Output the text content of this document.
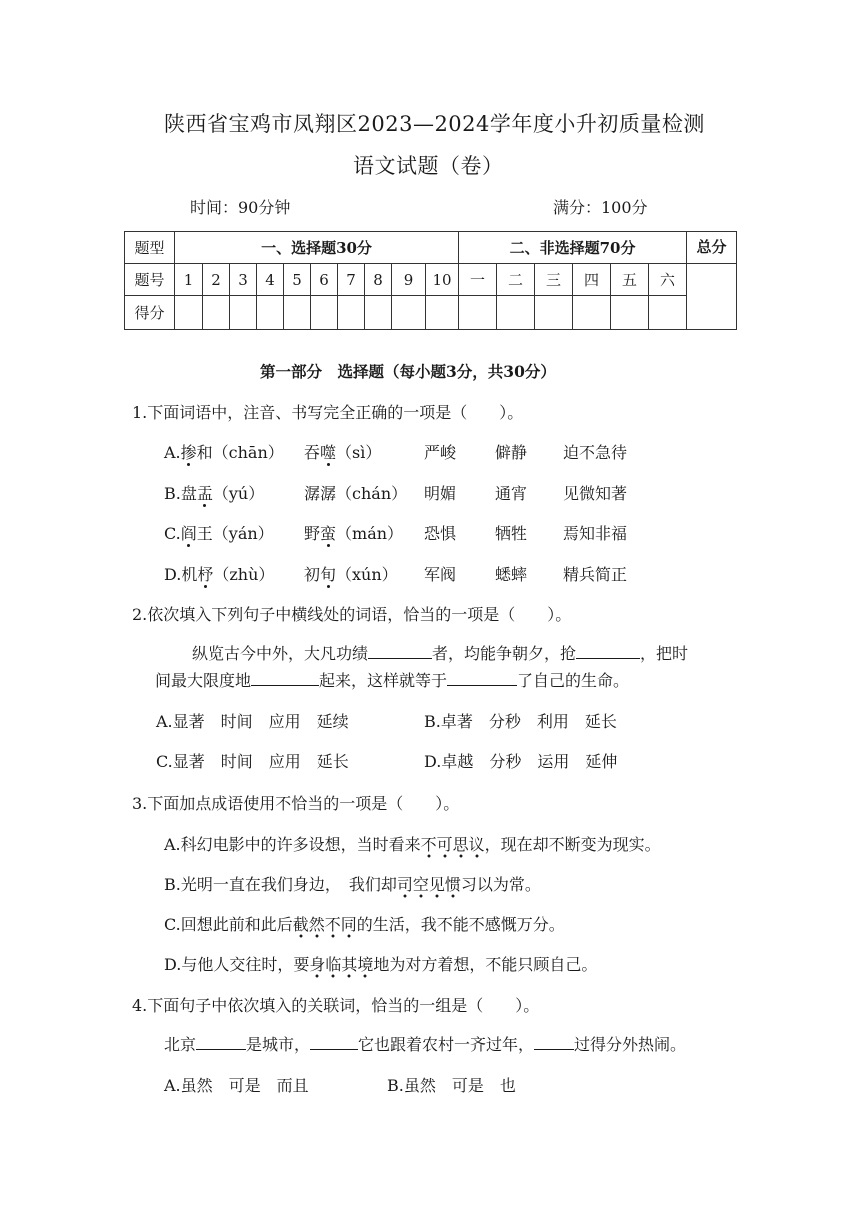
陕西省宝鸡市凤翔区2023—2024学年度小升初质量检测
语文试题（卷）
时间：90分钟	满分：100分
题型	一、选择题30分										二、非选择题70分						总分
题号	1	2	3	4	5	6	7	8	9	10	一	二	三	四	五	六	
得分																	
第一部分　选择题（每小题3分，共30分）
1.下面词语中，注音、书写完全正确的一项是（　　）。
A.掺和（chān） 吞噬（sì）	严峻 僻静 迫不急待
B.盘盂（yú） 潺潺（chán） 明媚 通宵 见微知著
C.阎王（yán） 野蛮（mán） 恐惧 牺牲 焉知非福
D.机杼（zhù） 初旬（xún） 军阀 蟋蟀 精兵简正
2.依次填入下列句子中横线处的词语，恰当的一项是（　　）。
纵览古今中外，大凡功绩	者，均能争朝夕，抢	，把时
间最大限度地	起来，这样就等于	了自己的生命。
A.显著　时间　应用　延续	B.卓著　分秒　利用　延长
C.显著　时间　应用　延长	D.卓越　分秒　运用　延伸
3.下面加点成语使用不恰当的一项是（　　）。
A.科幻电影中的许多设想，当时看来不可思议，现在却不断变为现实。
B.光明一直在我们身边，　我们却司空见惯习以为常。
C.回想此前和此后截然不同的生活，我不能不感慨万分。
D.与他人交往时，要身临其境地为对方着想，不能只顾自己。
4.下面句子中依次填入的关联词，恰当的一组是（　　）。
北京	是城市，	它也跟着农村一齐过年，	过得分外热闹。
A.虽然　可是　而且	B.虽然　可是　也
